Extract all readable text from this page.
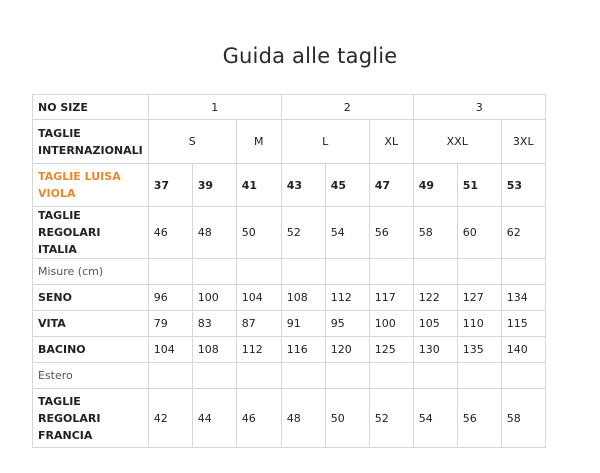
Guida alle taglie
NO SIZE	1			2			3		
TAGLIE INTERNAZIONALI	S		M	L		XL	XXL		3XL
TAGLIE LUISA VIOLA	37	39	41	43	45	47	49	51	53
TAGLIE REGOLARI ITALIA	46	48	50	52	54	56	58	60	62
Misure (cm)									
SENO	96	100	104	108	112	117	122	127	134
VITA	79	83	87	91	95	100	105	110	115
BACINO	104	108	112	116	120	125	130	135	140
Estero									
TAGLIE REGOLARI FRANCIA	42	44	46	48	50	52	54	56	58
